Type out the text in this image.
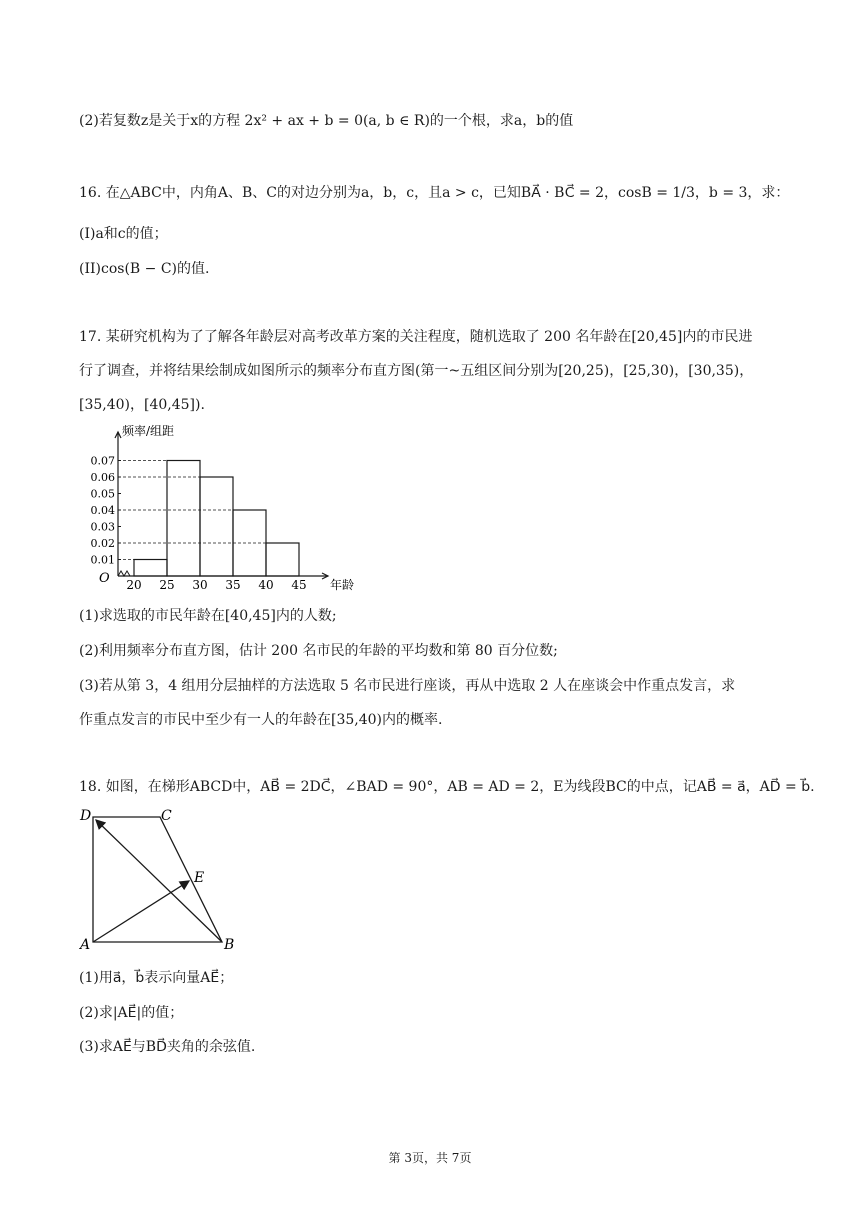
(2)若复数z是关于x的方程 2x² + ax + b = 0(a, b ∈ R)的一个根，求a，b的值
16. 在△ABC中，内角A、B、C的对边分别为a，b，c，且a > c，已知BA⃗ · BC⃗ = 2，cosB = 1/3，b = 3，求：
(I)a和c的值；
(II)cos(B − C)的值.
17. 某研究机构为了了解各年龄层对高考改革方案的关注程度，随机选取了 200 名年龄在[20,45]内的市民进
行了调查，并将结果绘制成如图所示的频率分布直方图(第一~五组区间分别为[20,25)，[25,30)，[30,35)，
[35,40)，[40,45]).
0.01
0.02
0.03
0.04
0.05
0.06
0.07
20 25 30 35 40 45
频率/组距
年龄
O
(1)求选取的市民年龄在[40,45]内的人数;
(2)利用频率分布直方图，估计 200 名市民的年龄的平均数和第 80 百分位数;
(3)若从第 3，4 组用分层抽样的方法选取 5 名市民进行座谈，再从中选取 2 人在座谈会中作重点发言，求
作重点发言的市民中至少有一人的年龄在[35,40)内的概率.
18. 如图，在梯形ABCD中，AB⃗ = 2DC⃗，∠BAD = 90°，AB = AD = 2，E为线段BC的中点，记AB⃗ = a⃗，AD⃗ = b⃗.
D	C
E
A	B
(1)用a⃗，b⃗表示向量AE⃗；
(2)求|AE⃗|的值；
(3)求AE⃗与BD⃗夹角的余弦值.
第 3页，共 7页
